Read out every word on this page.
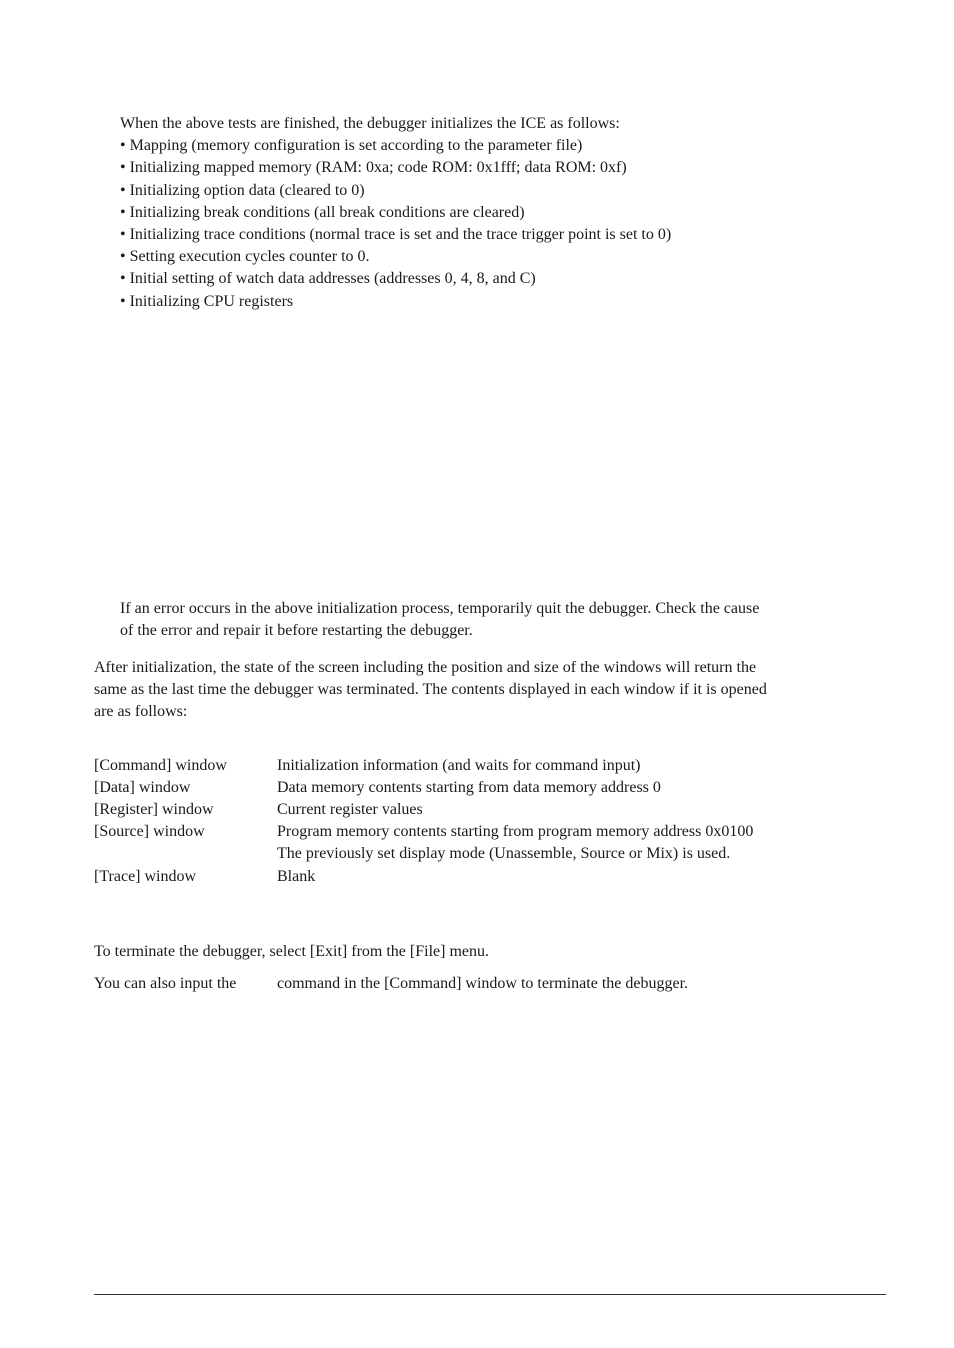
When the above tests are finished, the debugger initializes the ICE as follows:
• Mapping (memory configuration is set according to the parameter file)
• Initializing mapped memory (RAM: 0xa; code ROM: 0x1fff; data ROM: 0xf)
• Initializing option data (cleared to 0)
• Initializing break conditions (all break conditions are cleared)
• Initializing trace conditions (normal trace is set and the trace trigger point is set to 0)
• Setting execution cycles counter to 0.
• Initial setting of watch data addresses (addresses 0, 4, 8, and C)
• Initializing CPU registers
If an error occurs in the above initialization process, temporarily quit the debugger. Check the cause
of the error and repair it before restarting the debugger.
After initialization, the state of the screen including the position and size of the windows will return the
same as the last time the debugger was terminated. The contents displayed in each window if it is opened
are as follows:
[Command] window	Initialization information (and waits for command input)
[Data] window	Data memory contents starting from data memory address 0
[Register] window	Current register values
[Source] window	Program memory contents starting from program memory address 0x0100
The previously set display mode (Unassemble, Source or Mix) is used.
[Trace] window	Blank
To terminate the debugger, select [Exit] from the [File] menu.
You can also input the	command in the [Command] window to terminate the debugger.
